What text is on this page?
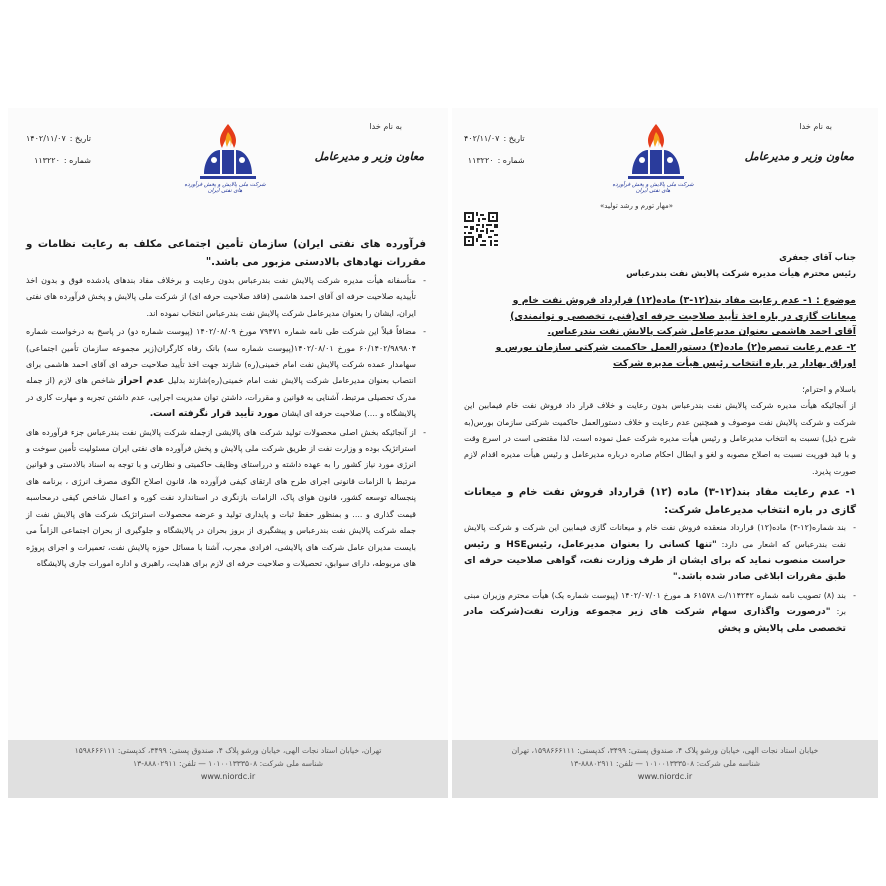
به نام خدا
معاون وزیر و مدیرعامل
شرکت ملی پالایش و پخش فرآورده های نفتی ایران
تاریخ :۱۴۰۲/۱۱/۰۷
شماره :۱۱۳۲۲۰

فرآورده های نفتی ایران) سازمان تأمین اجتماعی مکلف به رعایت نظامات و مقررات نهادهای بالادستی مزبور می باشد."

- متأسفانه هیأت مدیره شرکت پالایش نفت بندرعباس بدون رعایت و برخلاف مفاد بندهای یادشده فوق و بدون اخذ تأییدیه صلاحیت حرفه ای آقای احمد هاشمی (فاقد صلاحیت حرفه ای) از شرکت ملی پالایش و پخش فرآورده های نفتی ایران، ایشان را بعنوان مدیرعامل شرکت پالایش نفت بندرعباس انتخاب نموده اند.
- مضافاً قبلاً این شرکت طی نامه شماره ۷۹۴۷۱ مورخ ۱۴۰۲/۰۸/۰۹ (پیوست شماره دو) در پاسخ به درخواست شماره ۶۰/۱۴۰۲/۹۸۹۸۰۴ مورخ ۱۴۰۲/۰۸/۰۱(پیوست شماره سه) بانک رفاه کارگران(زیر مجموعه سازمان تأمین اجتماعی) سهامدار عمده شرکت پالایش نفت امام خمینی(ره) شازند جهت اخذ تأیید صلاحیت حرفه ای آقای احمد هاشمی برای انتصاب بعنوان مدیرعامل شرکت پالایش نفت امام خمینی(ره)شازند بدلیل عدم احراز شاخص های لازم (از جمله مدرک تحصیلی مرتبط، آشنایی به قوانین و مقررات، داشتن توان مدیریت اجرایی، عدم داشتن تجربه و مهارت کاری در پالایشگاه و ....) صلاحیت حرفه ای ایشان مورد تأیید قرار نگرفته است.
- از آنجائیکه بخش اصلی محصولات تولید شرکت های پالایشی ازجمله شرکت پالایش نفت بندرعباس جزء فرآورده های استراتژیک بوده و وزارت نفت از طریق شرکت ملی پالایش و پخش فرآورده های نفتی ایران مسئولیت تأمین سوخت و انرژی مورد نیاز کشور را به عهده داشته و درراستای وظایف حاکمیتی و نظارتی و با توجه به اسناد بالادستی و قوانین مرتبط با الزامات قانونی اجرای طرح های ارتقای کیفی فرآورده ها، قانون اصلاح الگوی مصرف انرژی ، برنامه های پنجساله توسعه کشور، قانون هوای پاک، الزامات بازنگری در استاندارد نفت کوره و اعمال شاخص کیفی درمحاسبه قیمت گذاری و .... و بمنظور حفظ ثبات و پایداری تولید و عرضه محصولات استراتژیک شرکت های پالایش نفت از جمله شرکت پالایش نفت بندرعباس و پیشگیری از بروز بحران در پالایشگاه و جلوگیری از بحران اجتماعی الزاماً می بایست مدیران عامل شرکت های پالایشی، افرادی مجرب، آشنا با مسائل حوزه پالایش نفت، تعمیرات و اجرای پروژه های مربوطه، دارای سوابق، تحصیلات و صلاحیت حرفه ای لازم برای هدایت، راهبری و اداره امورات جاری پالایشگاه
تهران، خیابان استاد نجات الهی، خیابان ورشو پلاک ۴، صندوق پستی: ۳۴۹۹، کدپستی: ۱۵۹۸۶۶۶۱۱۱
شناسه ملی شرکت: ۱۰۱۰۰۱۳۳۳۵۰۸ — تلفن: ۸۸۸۰۲۹۱۱-۱۳
www.niordc.ir
به نام خدا
معاون وزیر و مدیرعامل
شرکت ملی پالایش و پخش فرآورده های نفتی ایران
«مهار تورم و رشد تولید»
تاریخ :۴۰۲/۱۱/۰۷
شماره :۱۱۳۲۲۰
جناب آقای جعفری
رئیس محترم هیأت مدیره شرکت پالایش نفت بندرعباس
موضوع : ۱- عدم رعایت مفاد بند(۱۲-۳) ماده(۱۲) قرارداد فروش نفت خام و
میعانات گازی در باره اخذ تأیید صلاحیت حرفه ای(فنی، تخصصی و توانمندی)
آقای احمد هاشمی بعنوان مدیرعامل شرکت پالایش نفت بندرعباس.
۲- عدم رعایت تبصره(۲) ماده(۴) دستورالعمل حاکمیت شرکتی سازمان بورس و
اوراق بهادار در باره انتخاب رئیس هیأت مدیره شرکت
باسلام و احترام؛

از آنجائیکه هیأت مدیره شرکت پالایش نفت بندرعباس بدون رعایت و خلاف قرار داد فروش نفت خام فیمابین این شرکت و شرکت پالایش نفت موصوف و همچنین عدم رعایت و خلاف دستورالعمل حاکمیت شرکتی سازمان بورس(به شرح ذیل) نسبت به انتخاب مدیرعامل و رئیس هیأت مدیره شرکت عمل نموده است، لذا مقتضی است در اسرع وقت و با قید فوریت نسبت به اصلاح مصوبه و لغو و ابطال احکام صادره درباره مدیرعامل و رئیس هیأت مدیره اقدام لازم صورت پذیرد.

۱- عدم رعایت مفاد بند(۱۲-۳) ماده (۱۲) قرارداد فروش نفت خام و میعانات گازی در باره انتخاب مدیرعامل شرکت:
- بند شماره(۱۲-۳) ماده(۱۲) قرارداد منعقده فروش نفت خام و میعانات گازی فیمابین این شرکت و شرکت پالایش نفت بندرعباس که اشعار می دارد: "تنها کسانی را بعنوان مدیرعامل، رئیسHSE و رئیس حراست منصوب نماید که برای ایشان از طرف وزارت نفت، گواهی صلاحیت حرفه ای طبق مقررات ابلاغی صادر شده باشد."
- بند (۸) تصویب نامه شماره ۱۱۴۲۴۲/ت ۶۱۵۷۸ هـ مورخ ۱۴۰۲/۰۷/۰۱ (پیوست شماره یک) هیأت محترم وزیران مبنی بر: "درصورت واگذاری سهام شرکت های زیر مجموعه وزارت نفت(شرکت مادر تخصصی ملی پالایش و پخش
خیابان استاد نجات الهی، خیابان ورشو پلاک ۴، صندوق پستی: ۳۴۹۹، کدپستی: ۱۵۹۸۶۶۶۱۱۱، تهران
شناسه ملی شرکت: ۱۰۱۰۰۱۳۳۳۵۰۸ — تلفن: ۸۸۸۰۲۹۱۱-۱۳
www.niordc.ir
